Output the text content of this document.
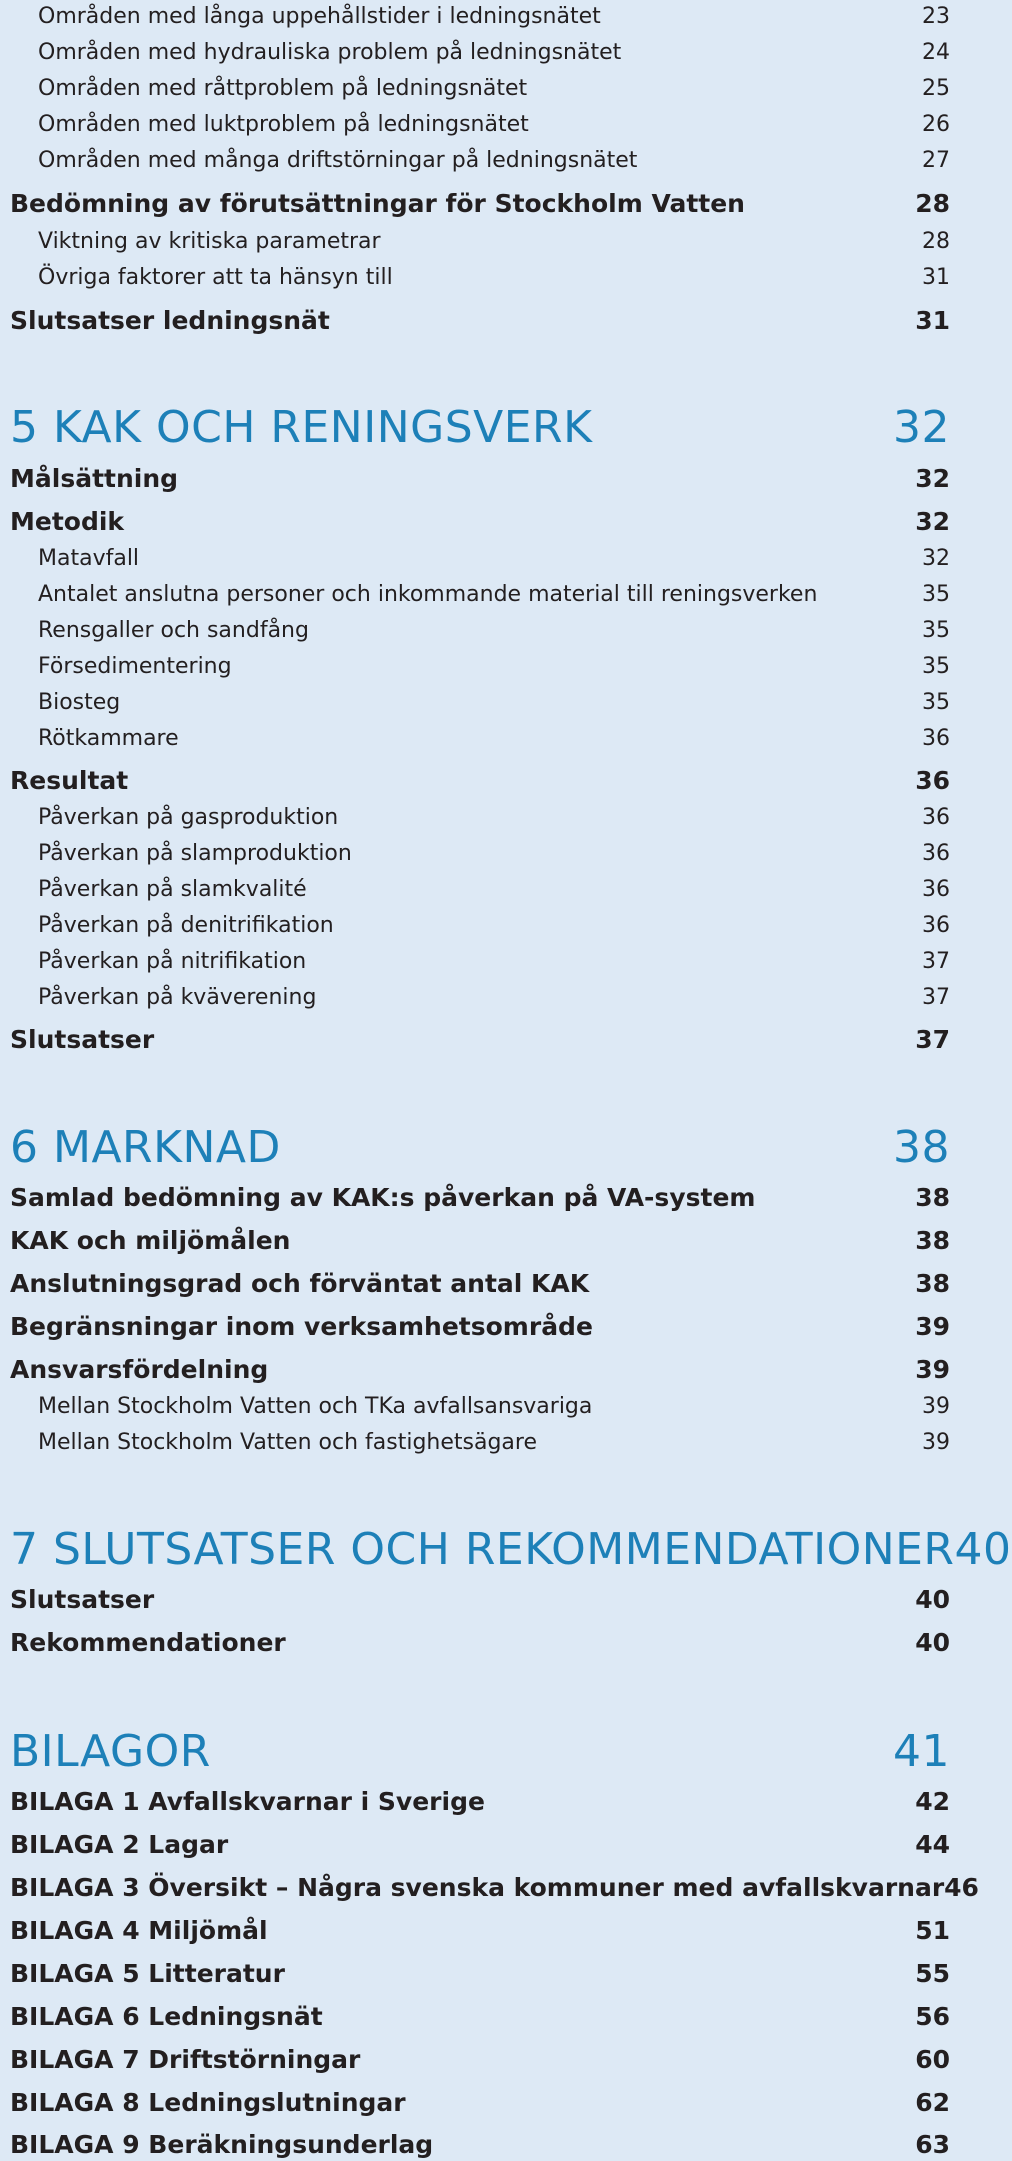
Områden med långa uppehållstider i ledningsnätet	23
Områden med hydrauliska problem på ledningsnätet	24
Områden med råttproblem på ledningsnätet	25
Områden med luktproblem på ledningsnätet	26
Områden med många driftstörningar på ledningsnätet	27
Bedömning av förutsättningar för Stockholm Vatten	28
Viktning av kritiska parametrar	28
Övriga faktorer att ta hänsyn till	31
Slutsatser ledningsnät	31
5 KAK OCH RENINGSVERK	32
Målsättning	32
Metodik	32
Matavfall	32
Antalet anslutna personer och inkommande material till reningsverken	35
Rensgaller och sandfång	35
Försedimentering	35
Biosteg	35
Rötkammare	36
Resultat	36
Påverkan på gasproduktion	36
Påverkan på slamproduktion	36
Påverkan på slamkvalité	36
Påverkan på denitrifikation	36
Påverkan på nitrifikation	37
Påverkan på kväverening	37
Slutsatser	37
6 MARKNAD	38
Samlad bedömning av KAK:s påverkan på VA-system	38
KAK och miljömålen	38
Anslutningsgrad och förväntat antal KAK	38
Begränsningar inom verksamhetsområde	39
Ansvarsfördelning	39
Mellan Stockholm Vatten och TKa avfallsansvariga	39
Mellan Stockholm Vatten och fastighetsägare	39
7 SLUTSATSER OCH REKOMMENDATIONER 40
Slutsatser	40
Rekommendationer	40
BILAGOR	41
BILAGA 1 Avfallskvarnar i Sverige	42
BILAGA 2 Lagar	44
BILAGA 3 Översikt – Några svenska kommuner med avfallskvarnar 46
BILAGA 4 Miljömål	51
BILAGA 5 Litteratur	55
BILAGA 6 Ledningsnät	56
BILAGA 7 Driftstörningar	60
BILAGA 8 Ledningslutningar	62
BILAGA 9 Beräkningsunderlag	63
